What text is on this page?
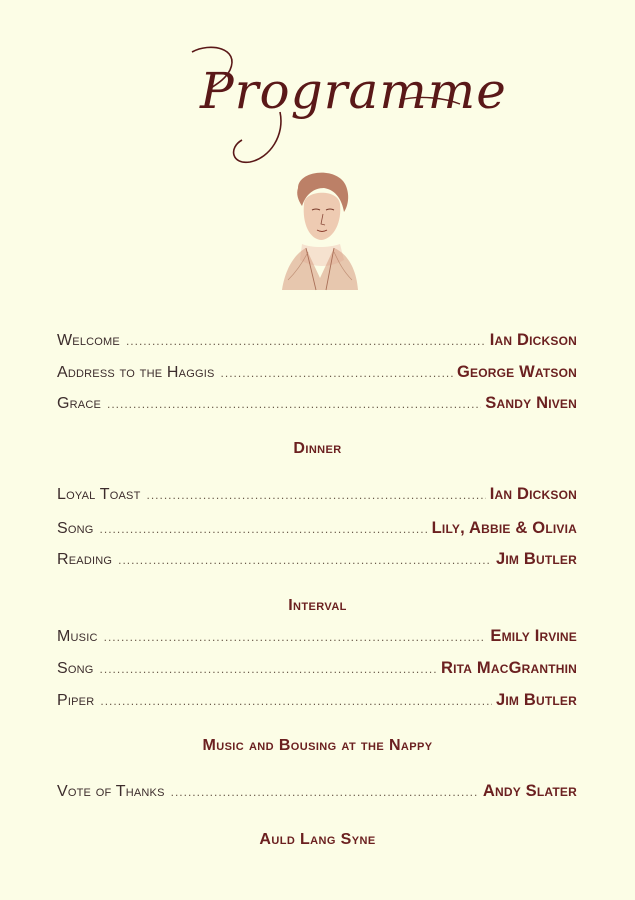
Programme
Welcome .....	Ian Dickson
Address to the Haggis .....	George Watson
Grace .....	Sandy Niven
Dinner
Loyal Toast .....	Ian Dickson
Song .....	Lily, Abbie & Olivia
Reading .....	Jim Butler
Interval
Music .....	Emily Irvine
Song .....	Rita MacGranthin
Piper .....	Jim Butler
Music and Bousing at the Nappy
Vote of Thanks .....	Andy Slater
Auld Lang Syne
